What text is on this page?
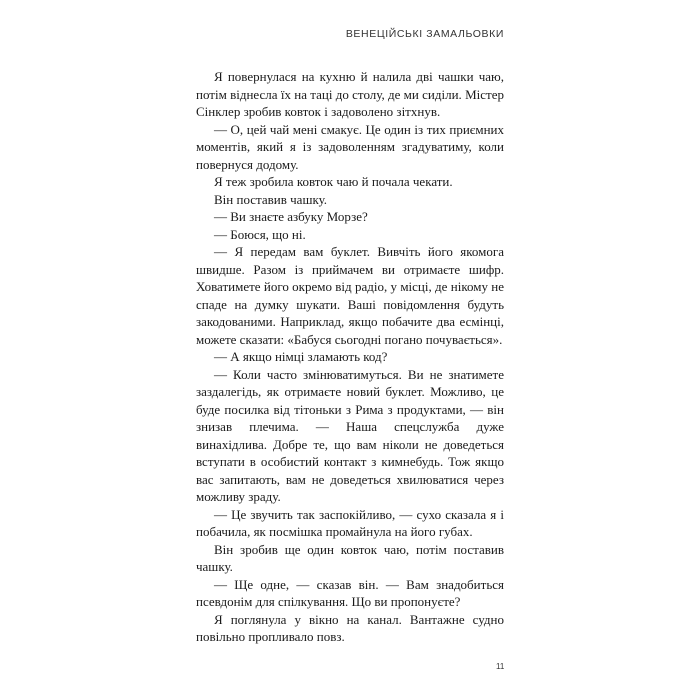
ВЕНЕЦІЙСЬКІ ЗАМАЛЬОВКИ

Я повернулася на кухню й налила дві чашки чаю, потім віднесла їх на таці до столу, де ми сиділи. Містер Сінклер зробив ковток і задоволено зітхнув.

— О, цей чай мені смакує. Це один із тих приємних моментів, який я із задоволенням згадуватиму, коли повернуся додому.

Я теж зробила ковток чаю й почала чекати.

Він поставив чашку.

— Ви знаєте азбуку Морзе?

— Боюся, що ні.

— Я передам вам буклет. Вивчіть його якомога швидше. Разом із приймачем ви отримаєте шифр. Ховатимете його окремо від радіо, у місці, де нікому не спаде на думку шукати. Ваші повідомлення будуть закодованими. Наприклад, якщо побачите два есмінці, можете сказати: «Бабуся сьогодні погано почувається».

— А якщо німці зламають код?

— Коли часто змінюватимуться. Ви не знатимете заздалегідь, як отримаєте новий буклет. Можливо, це буде посилка від тітоньки з Рима з продуктами, — він знизав плечима. — Наша спецслужба дуже винахідлива. Добре те, що вам ніколи не доведеться вступати в особистий контакт з кимнебудь. Тож якщо вас запитають, вам не доведеться хвилюватися через можливу зраду.

— Це звучить так заспокійливо, — сухо сказала я і побачила, як посмішка промайнула на його губах.

Він зробив ще один ковток чаю, потім поставив чашку.

— Ще одне, — сказав він. — Вам знадобиться псевдонім для спілкування. Що ви пропонуєте?

Я поглянула у вікно на канал. Вантажне судно повільно пропливало повз.

11
